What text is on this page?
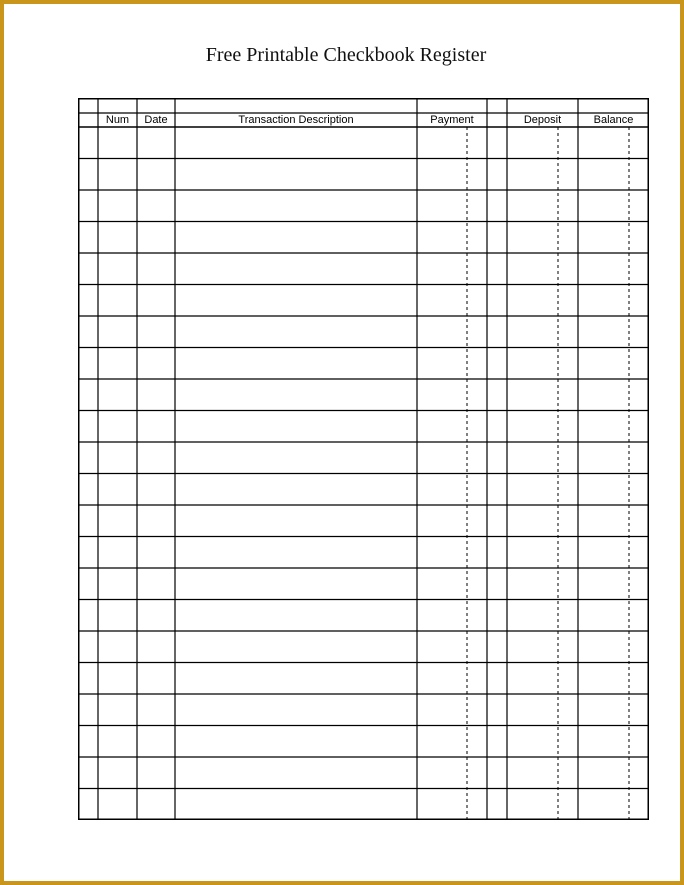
Free Printable Checkbook Register
Num	Date	Transaction Description	Payment	Deposit	Balance
